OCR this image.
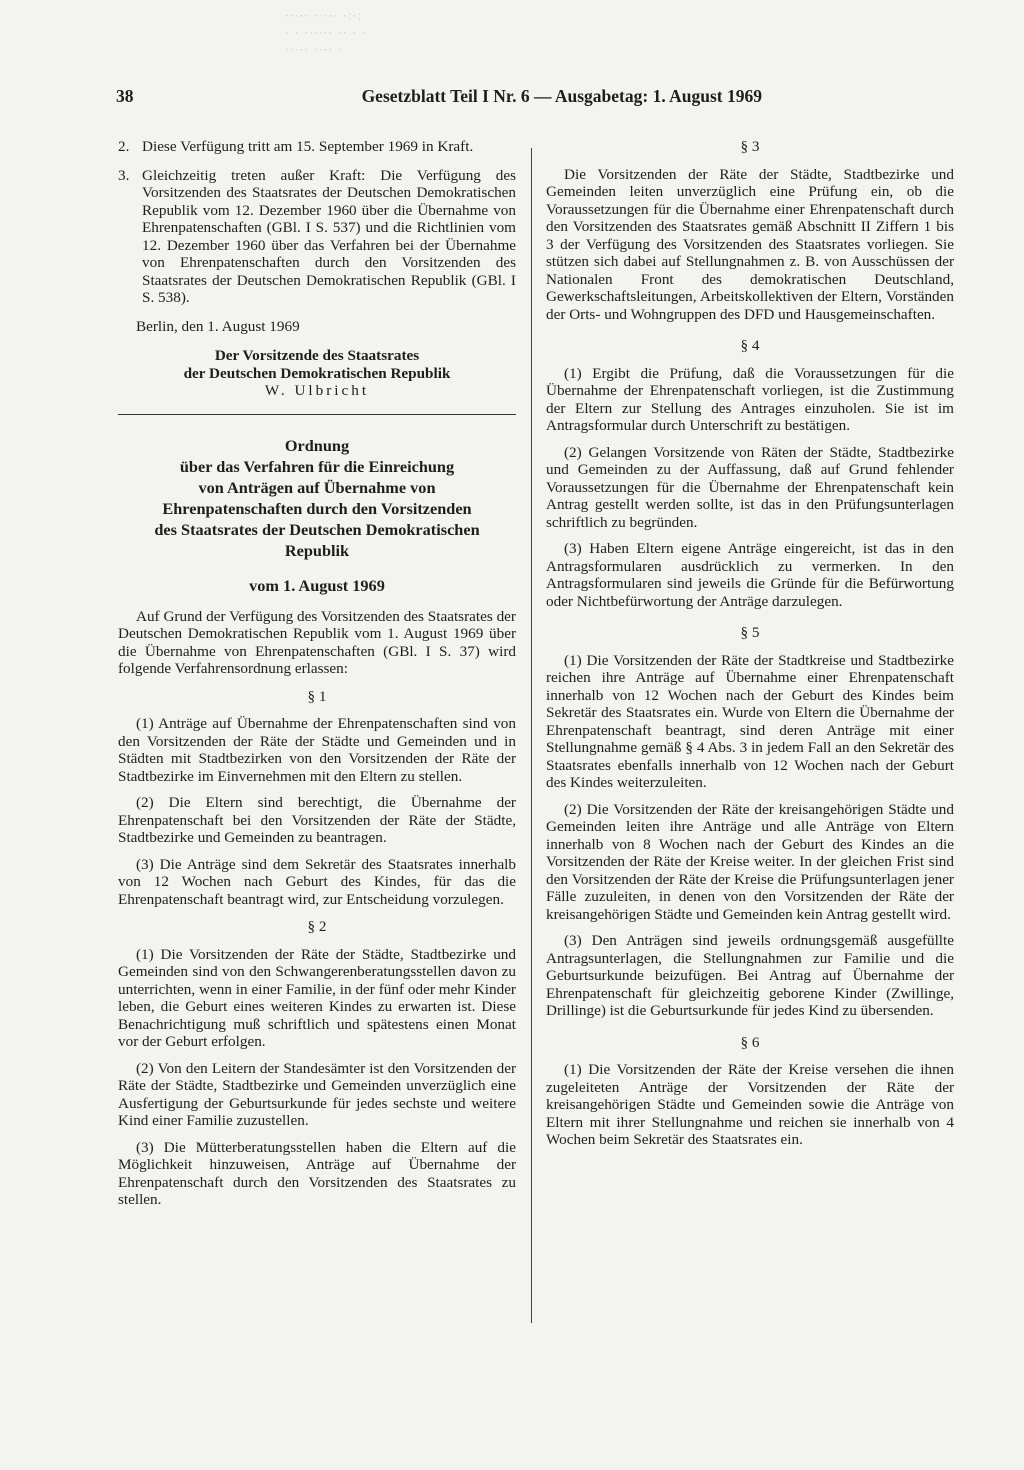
····· · ··· ·:·:
· · ······ ·· · ·
····· ···· ·
38	Gesetzblatt Teil I Nr. 6 — Ausgabetag: 1. August 1969
2. Diese Verfügung tritt am 15. September 1969 in Kraft.
3. Gleichzeitig treten außer Kraft: Die Verfügung des Vorsitzenden des Staatsrates der Deutschen Demokratischen Republik vom 12. Dezember 1960 über die Übernahme von Ehrenpatenschaften (GBl. I S. 537) und die Richtlinien vom 12. Dezember 1960 über das Verfahren bei der Übernahme von Ehrenpatenschaften durch den Vorsitzenden des Staatsrates der Deutschen Demokratischen Republik (GBl. I S. 538).

Berlin, den 1. August 1969

Der Vorsitzende des Staatsrates
der Deutschen Demokratischen Republik
W. Ulbricht
Ordnung
über das Verfahren für die Einreichung
von Anträgen auf Übernahme von
Ehrenpatenschaften durch den Vorsitzenden
des Staatsrates der Deutschen Demokratischen
Republik
vom 1. August 1969

Auf Grund der Verfügung des Vorsitzenden des Staatsrates der Deutschen Demokratischen Republik vom 1. August 1969 über die Übernahme von Ehrenpatenschaften (GBl. I S. 37) wird folgende Verfahrensordnung erlassen:

§ 1

(1) Anträge auf Übernahme der Ehrenpatenschaften sind von den Vorsitzenden der Räte der Städte und Gemeinden und in Städten mit Stadtbezirken von den Vorsitzenden der Räte der Stadtbezirke im Einvernehmen mit den Eltern zu stellen.

(2) Die Eltern sind berechtigt, die Übernahme der Ehrenpatenschaft bei den Vorsitzenden der Räte der Städte, Stadtbezirke und Gemeinden zu beantragen.

(3) Die Anträge sind dem Sekretär des Staatsrates innerhalb von 12 Wochen nach Geburt des Kindes, für das die Ehrenpatenschaft beantragt wird, zur Entscheidung vorzulegen.

§ 2

(1) Die Vorsitzenden der Räte der Städte, Stadtbezirke und Gemeinden sind von den Schwangerenberatungsstellen davon zu unterrichten, wenn in einer Familie, in der fünf oder mehr Kinder leben, die Geburt eines weiteren Kindes zu erwarten ist. Diese Benachrichtigung muß schriftlich und spätestens einen Monat vor der Geburt erfolgen.

(2) Von den Leitern der Standesämter ist den Vorsitzenden der Räte der Städte, Stadtbezirke und Gemeinden unverzüglich eine Ausfertigung der Geburtsurkunde für jedes sechste und weitere Kind einer Familie zuzustellen.

(3) Die Mütterberatungsstellen haben die Eltern auf die Möglichkeit hinzuweisen, Anträge auf Übernahme der Ehrenpatenschaft durch den Vorsitzenden des Staatsrates zu stellen.

§ 3

Die Vorsitzenden der Räte der Städte, Stadtbezirke und Gemeinden leiten unverzüglich eine Prüfung ein, ob die Voraussetzungen für die Übernahme einer Ehrenpatenschaft durch den Vorsitzenden des Staatsrates gemäß Abschnitt II Ziffern 1 bis 3 der Verfügung des Vorsitzenden des Staatsrates vorliegen. Sie stützen sich dabei auf Stellungnahmen z. B. von Ausschüssen der Nationalen Front des demokratischen Deutschland, Gewerkschaftsleitungen, Arbeitskollektiven der Eltern, Vorständen der Orts- und Wohngruppen des DFD und Hausgemeinschaften.

§ 4

(1) Ergibt die Prüfung, daß die Voraussetzungen für die Übernahme der Ehrenpatenschaft vorliegen, ist die Zustimmung der Eltern zur Stellung des Antrages einzuholen. Sie ist im Antragsformular durch Unterschrift zu bestätigen.

(2) Gelangen Vorsitzende von Räten der Städte, Stadtbezirke und Gemeinden zu der Auffassung, daß auf Grund fehlender Voraussetzungen für die Übernahme der Ehrenpatenschaft kein Antrag gestellt werden sollte, ist das in den Prüfungsunterlagen schriftlich zu begründen.

(3) Haben Eltern eigene Anträge eingereicht, ist das in den Antragsformularen ausdrücklich zu vermerken. In den Antragsformularen sind jeweils die Gründe für die Befürwortung oder Nichtbefürwortung der Anträge darzulegen.

§ 5

(1) Die Vorsitzenden der Räte der Stadtkreise und Stadtbezirke reichen ihre Anträge auf Übernahme einer Ehrenpatenschaft innerhalb von 12 Wochen nach der Geburt des Kindes beim Sekretär des Staatsrates ein. Wurde von Eltern die Übernahme der Ehrenpatenschaft beantragt, sind deren Anträge mit einer Stellungnahme gemäß § 4 Abs. 3 in jedem Fall an den Sekretär des Staatsrates ebenfalls innerhalb von 12 Wochen nach der Geburt des Kindes weiterzuleiten.

(2) Die Vorsitzenden der Räte der kreisangehörigen Städte und Gemeinden leiten ihre Anträge und alle Anträge von Eltern innerhalb von 8 Wochen nach der Geburt des Kindes an die Vorsitzenden der Räte der Kreise weiter. In der gleichen Frist sind den Vorsitzenden der Räte der Kreise die Prüfungsunterlagen jener Fälle zuzuleiten, in denen von den Vorsitzenden der Räte der kreisangehörigen Städte und Gemeinden kein Antrag gestellt wird.

(3) Den Anträgen sind jeweils ordnungsgemäß ausgefüllte Antragsunterlagen, die Stellungnahmen zur Familie und die Geburtsurkunde beizufügen. Bei Antrag auf Übernahme der Ehrenpatenschaft für gleichzeitig geborene Kinder (Zwillinge, Drillinge) ist die Geburtsurkunde für jedes Kind zu übersenden.

§ 6

(1) Die Vorsitzenden der Räte der Kreise versehen die ihnen zugeleiteten Anträge der Vorsitzenden der Räte der kreisangehörigen Städte und Gemeinden sowie die Anträge von Eltern mit ihrer Stellungnahme und reichen sie innerhalb von 4 Wochen beim Sekretär des Staatsrates ein.
